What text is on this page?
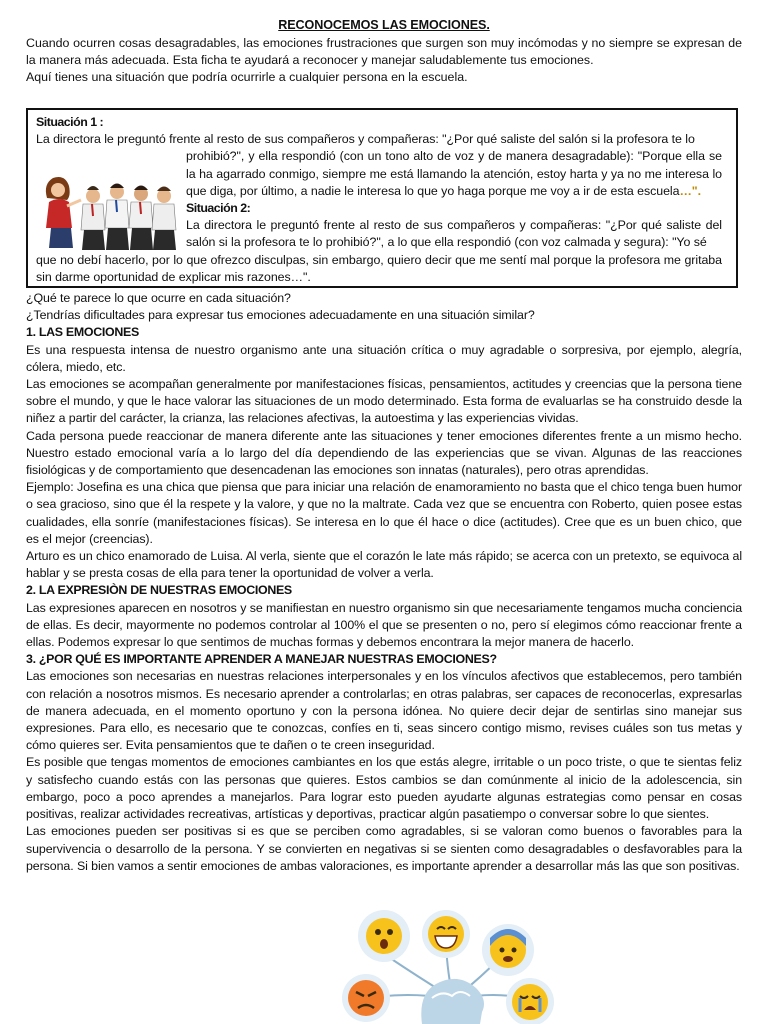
RECONOCEMOS LAS EMOCIONES.

Cuando ocurren cosas desagradables, las emociones frustraciones que surgen son muy incómodas y no siempre se expresan de la manera más adecuada. Esta ficha te ayudará a reconocer y manejar saludablemente tus emociones.

Aquí tienes una situación que podría ocurrirle a cualquier persona en la escuela.

Situación 1 :

La directora le preguntó frente al resto de sus compañeros y compañeras: "¿Por qué saliste del salón si la profesora te lo

prohibió?", y ella respondió (con un tono alto de voz y de manera desagradable): "Porque ella se la ha agarrado conmigo, siempre me está llamando la atención, estoy harta y ya no me interesa lo que diga, por último, a nadie le interesa lo que yo haga porque me voy a ir de esta escuela…".

Situación 2:

La directora le preguntó frente al resto de sus compañeros y compañeras: "¿Por qué saliste del salón si la profesora te lo prohibió?", a lo que ella respondió (con voz calmada y segura): "Yo sé

que no debí hacerlo, por lo que ofrezco disculpas, sin embargo, quiero decir que me sentí mal porque la profesora me gritaba sin darme oportunidad de explicar mis razones…".

¿Qué te parece lo que ocurre en cada situación?

¿Tendrías dificultades para expresar tus emociones adecuadamente en una situación similar?

1. LAS EMOCIONES

Es una respuesta intensa de nuestro organismo ante una situación crítica o muy agradable o sorpresiva, por ejemplo, alegría, cólera, miedo, etc.

Las emociones se acompañan generalmente por manifestaciones físicas, pensamientos, actitudes y creencias que la persona tiene sobre el mundo, y que le hace valorar las situaciones de un modo determinado. Esta forma de evaluarlas se ha construido desde la niñez a partir del carácter, la crianza, las relaciones afectivas, la autoestima y las experiencias vividas.

Cada persona puede reaccionar de manera diferente ante las situaciones y tener emociones diferentes frente a un mismo hecho. Nuestro estado emocional varía a lo largo del día dependiendo de las experiencias que se vivan. Algunas de las reacciones fisiológicas y de comportamiento que desencadenan las emociones son innatas (naturales), pero otras aprendidas.

Ejemplo: Josefina es una chica que piensa que para iniciar una relación de enamoramiento no basta que el chico tenga buen humor o sea gracioso, sino que él la respete y la valore, y que no la maltrate. Cada vez que se encuentra con Roberto, quien posee estas cualidades, ella sonríe (manifestaciones físicas). Se interesa en lo que él hace o dice (actitudes). Cree que es un buen chico, que es el mejor (creencias).

Arturo es un chico enamorado de Luisa. Al verla, siente que el corazón le late más rápido; se acerca con un pretexto, se equivoca al hablar y se presta cosas de ella para tener la oportunidad de volver a verla.

2. LA EXPRESIÒN DE NUESTRAS EMOCIONES

Las expresiones aparecen en nosotros y se manifiestan en nuestro organismo sin que necesariamente tengamos mucha conciencia de ellas. Es decir, mayormente no podemos controlar al 100% el que se presenten o no, pero sí elegimos cómo reaccionar frente a ellas. Podemos expresar lo que sentimos de muchas formas y debemos encontrara la mejor manera de hacerlo.

3. ¿POR QUÉ ES IMPORTANTE APRENDER A MANEJAR NUESTRAS EMOCIONES?

Las emociones son necesarias en nuestras relaciones interpersonales y en los vínculos afectivos que establecemos, pero también con relación a nosotros mismos. Es necesario aprender a controlarlas; en otras palabras, ser capaces de reconocerlas, expresarlas de manera adecuada, en el momento oportuno y con la persona idónea. No quiere decir dejar de sentirlas sino manejar sus expresiones. Para ello, es necesario que te conozcas, confíes en ti, seas sincero contigo mismo, revises cuáles son tus metas y cómo quieres ser. Evita pensamientos que te dañen o te creen inseguridad.

Es posible que tengas momentos de emociones cambiantes en los que estás alegre, irritable o un poco triste, o que te sientas feliz y satisfecho cuando estás con las personas que quieres. Estos cambios se dan comúnmente al inicio de la adolescencia, sin embargo, poco a poco aprendes a manejarlos. Para lograr esto pueden ayudarte algunas estrategias como pensar en cosas positivas, realizar actividades recreativas, artísticas y deportivas, practicar algún pasatiempo o conversar sobre lo que sientes.

Las emociones pueden ser positivas si es que se perciben como agradables, si se valoran como buenos o favorables para la supervivencia o desarrollo de la persona. Y se convierten en negativas si se sienten como desagradables o desfavorables para la persona. Si bien vamos a sentir emociones de ambas valoraciones, es importante aprender a desarrollar más las que son positivas.
